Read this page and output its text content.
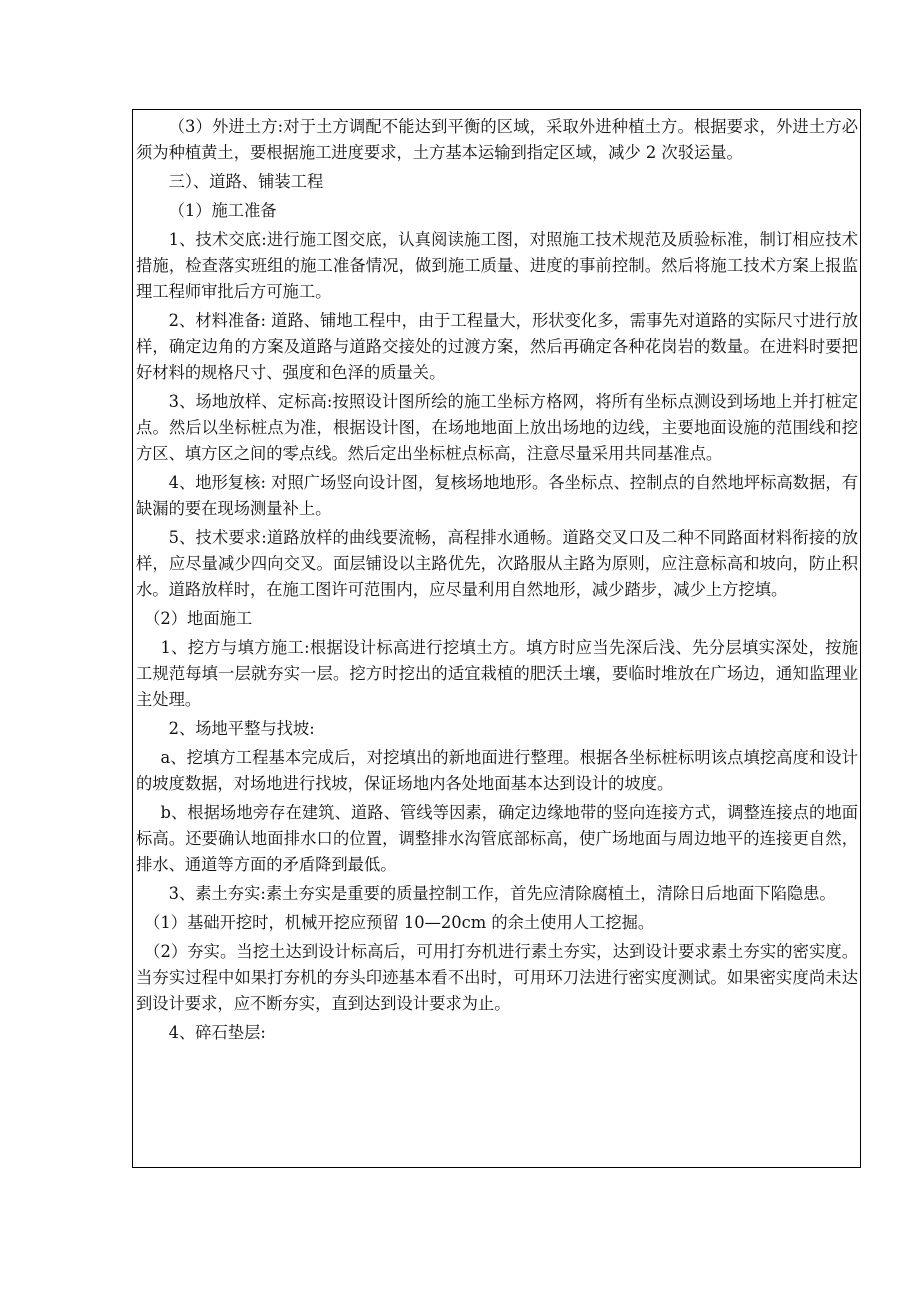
（3）外进土方:对于土方调配不能达到平衡的区域，采取外进种植土方。根据要求，外进土方必须为种植黄土，要根据施工进度要求，土方基本运输到指定区域，减少 2 次驳运量。

三）、道路、铺装工程

（1）施工准备

1、技术交底:进行施工图交底，认真阅读施工图，对照施工技术规范及质验标准，制订相应技术措施，检查落实班组的施工准备情况，做到施工质量、进度的事前控制。然后将施工技术方案上报监理工程师审批后方可施工。

2、材料准备: 道路、铺地工程中，由于工程量大，形状变化多，需事先对道路的实际尺寸进行放样，确定边角的方案及道路与道路交接处的过渡方案，然后再确定各种花岗岩的数量。在进料时要把好材料的规格尺寸、强度和色泽的质量关。

3、场地放样、定标高:按照设计图所绘的施工坐标方格网，将所有坐标点测设到场地上并打桩定点。然后以坐标桩点为准，根据设计图，在场地地面上放出场地的边线，主要地面设施的范围线和挖方区、填方区之间的零点线。然后定出坐标桩点标高，注意尽量采用共同基准点。

4、地形复核: 对照广场竖向设计图，复核场地地形。各坐标点、控制点的自然地坪标高数据，有缺漏的要在现场测量补上。

5、技术要求:道路放样的曲线要流畅，高程排水通畅。道路交叉口及二种不同路面材料衔接的放样，应尽量减少四向交叉。面层铺设以主路优先，次路服从主路为原则，应注意标高和坡向，防止积水。道路放样时，在施工图许可范围内，应尽量利用自然地形，减少踏步，减少上方挖填。

（2）地面施工

1、挖方与填方施工:根据设计标高进行挖填土方。填方时应当先深后浅、先分层填实深处，按施工规范每填一层就夯实一层。挖方时挖出的适宜栽植的肥沃土壤，要临时堆放在广场边，通知监理业主处理。

2、场地平整与找坡:

a、挖填方工程基本完成后，对挖填出的新地面进行整理。根据各坐标桩标明该点填挖高度和设计的坡度数据，对场地进行找坡，保证场地内各处地面基本达到设计的坡度。

b、根据场地旁存在建筑、道路、管线等因素，确定边缘地带的竖向连接方式，调整连接点的地面标高。还要确认地面排水口的位置，调整排水沟管底部标高，使广场地面与周边地平的连接更自然，排水、通道等方面的矛盾降到最低。

3、素土夯实:素土夯实是重要的质量控制工作，首先应清除腐植土，清除日后地面下陷隐患。

（1）基础开挖时，机械开挖应预留 10—20cm 的余土使用人工挖掘。

（2）夯实。当挖土达到设计标高后，可用打夯机进行素土夯实，达到设计要求素土夯实的密实度。当夯实过程中如果打夯机的夯头印迹基本看不出时，可用环刀法进行密实度测试。如果密实度尚未达到设计要求，应不断夯实，直到达到设计要求为止。

4、碎石垫层:
